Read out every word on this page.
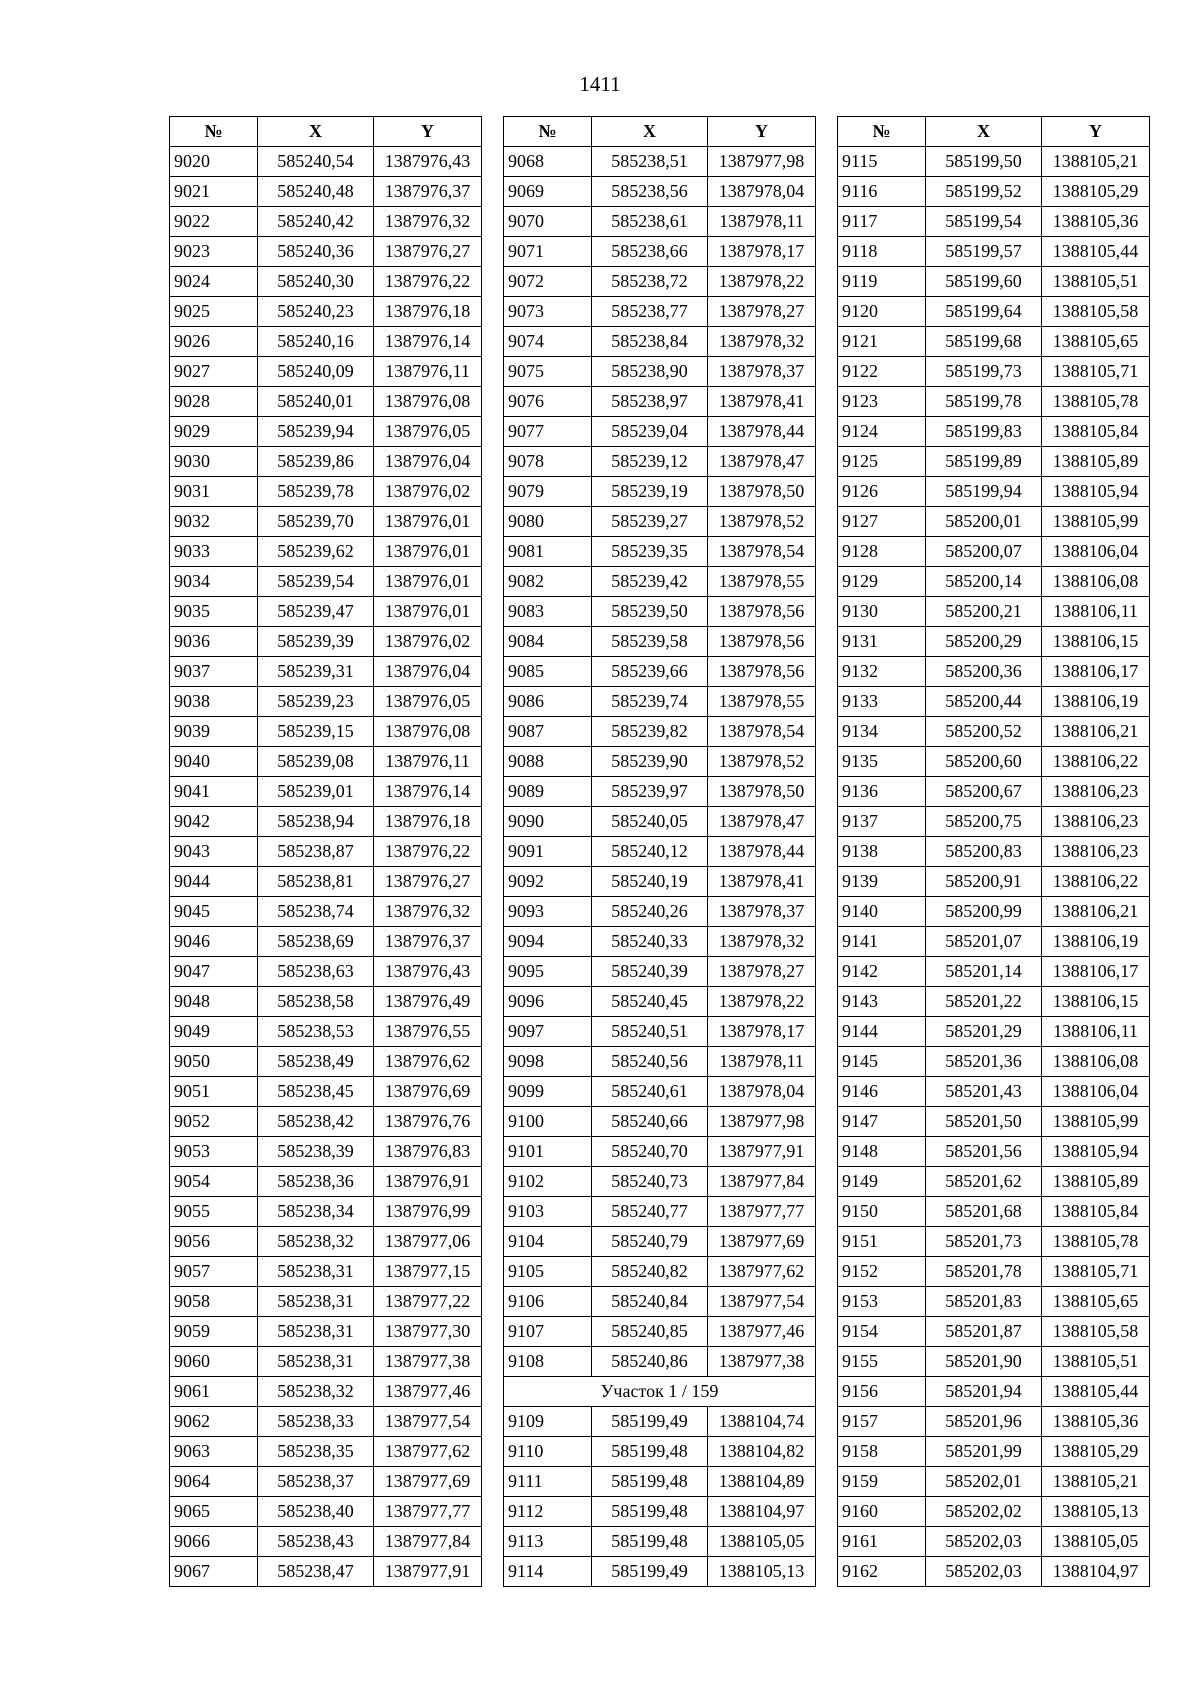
1411
№	X	Y
9020	585240,54	1387976,43
9021	585240,48	1387976,37
9022	585240,42	1387976,32
9023	585240,36	1387976,27
9024	585240,30	1387976,22
9025	585240,23	1387976,18
9026	585240,16	1387976,14
9027	585240,09	1387976,11
9028	585240,01	1387976,08
9029	585239,94	1387976,05
9030	585239,86	1387976,04
9031	585239,78	1387976,02
9032	585239,70	1387976,01
9033	585239,62	1387976,01
9034	585239,54	1387976,01
9035	585239,47	1387976,01
9036	585239,39	1387976,02
9037	585239,31	1387976,04
9038	585239,23	1387976,05
9039	585239,15	1387976,08
9040	585239,08	1387976,11
9041	585239,01	1387976,14
9042	585238,94	1387976,18
9043	585238,87	1387976,22
9044	585238,81	1387976,27
9045	585238,74	1387976,32
9046	585238,69	1387976,37
9047	585238,63	1387976,43
9048	585238,58	1387976,49
9049	585238,53	1387976,55
9050	585238,49	1387976,62
9051	585238,45	1387976,69
9052	585238,42	1387976,76
9053	585238,39	1387976,83
9054	585238,36	1387976,91
9055	585238,34	1387976,99
9056	585238,32	1387977,06
9057	585238,31	1387977,15
9058	585238,31	1387977,22
9059	585238,31	1387977,30
9060	585238,31	1387977,38
9061	585238,32	1387977,46
9062	585238,33	1387977,54
9063	585238,35	1387977,62
9064	585238,37	1387977,69
9065	585238,40	1387977,77
9066	585238,43	1387977,84
9067	585238,47	1387977,91
№	X	Y
9068	585238,51	1387977,98
9069	585238,56	1387978,04
9070	585238,61	1387978,11
9071	585238,66	1387978,17
9072	585238,72	1387978,22
9073	585238,77	1387978,27
9074	585238,84	1387978,32
9075	585238,90	1387978,37
9076	585238,97	1387978,41
9077	585239,04	1387978,44
9078	585239,12	1387978,47
9079	585239,19	1387978,50
9080	585239,27	1387978,52
9081	585239,35	1387978,54
9082	585239,42	1387978,55
9083	585239,50	1387978,56
9084	585239,58	1387978,56
9085	585239,66	1387978,56
9086	585239,74	1387978,55
9087	585239,82	1387978,54
9088	585239,90	1387978,52
9089	585239,97	1387978,50
9090	585240,05	1387978,47
9091	585240,12	1387978,44
9092	585240,19	1387978,41
9093	585240,26	1387978,37
9094	585240,33	1387978,32
9095	585240,39	1387978,27
9096	585240,45	1387978,22
9097	585240,51	1387978,17
9098	585240,56	1387978,11
9099	585240,61	1387978,04
9100	585240,66	1387977,98
9101	585240,70	1387977,91
9102	585240,73	1387977,84
9103	585240,77	1387977,77
9104	585240,79	1387977,69
9105	585240,82	1387977,62
9106	585240,84	1387977,54
9107	585240,85	1387977,46
9108	585240,86	1387977,38
Участок 1 / 159		
9109	585199,49	1388104,74
9110	585199,48	1388104,82
9111	585199,48	1388104,89
9112	585199,48	1388104,97
9113	585199,48	1388105,05
9114	585199,49	1388105,13
№	X	Y
9115	585199,50	1388105,21
9116	585199,52	1388105,29
9117	585199,54	1388105,36
9118	585199,57	1388105,44
9119	585199,60	1388105,51
9120	585199,64	1388105,58
9121	585199,68	1388105,65
9122	585199,73	1388105,71
9123	585199,78	1388105,78
9124	585199,83	1388105,84
9125	585199,89	1388105,89
9126	585199,94	1388105,94
9127	585200,01	1388105,99
9128	585200,07	1388106,04
9129	585200,14	1388106,08
9130	585200,21	1388106,11
9131	585200,29	1388106,15
9132	585200,36	1388106,17
9133	585200,44	1388106,19
9134	585200,52	1388106,21
9135	585200,60	1388106,22
9136	585200,67	1388106,23
9137	585200,75	1388106,23
9138	585200,83	1388106,23
9139	585200,91	1388106,22
9140	585200,99	1388106,21
9141	585201,07	1388106,19
9142	585201,14	1388106,17
9143	585201,22	1388106,15
9144	585201,29	1388106,11
9145	585201,36	1388106,08
9146	585201,43	1388106,04
9147	585201,50	1388105,99
9148	585201,56	1388105,94
9149	585201,62	1388105,89
9150	585201,68	1388105,84
9151	585201,73	1388105,78
9152	585201,78	1388105,71
9153	585201,83	1388105,65
9154	585201,87	1388105,58
9155	585201,90	1388105,51
9156	585201,94	1388105,44
9157	585201,96	1388105,36
9158	585201,99	1388105,29
9159	585202,01	1388105,21
9160	585202,02	1388105,13
9161	585202,03	1388105,05
9162	585202,03	1388104,97
